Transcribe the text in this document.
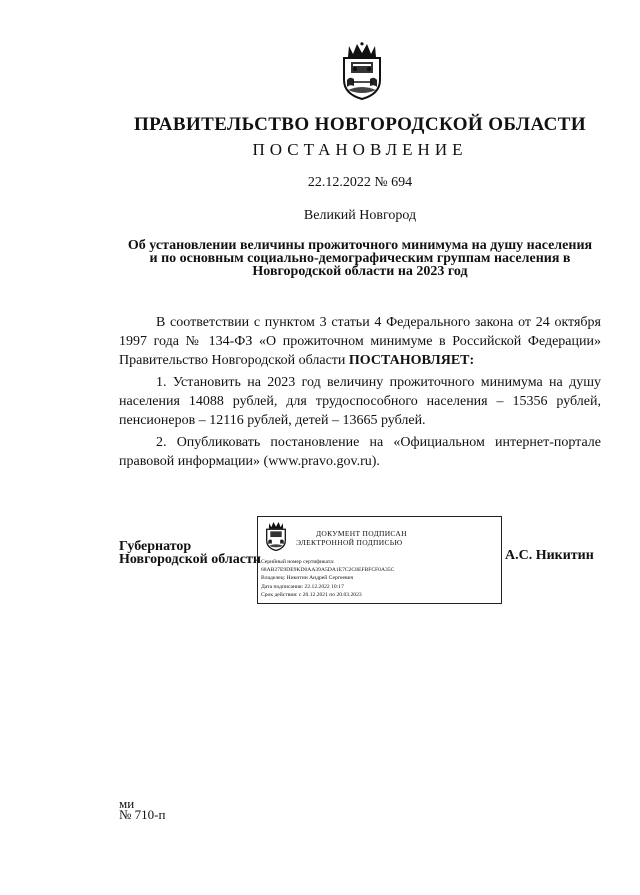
ПРАВИТЕЛЬСТВО НОВГОРОДСКОЙ ОБЛАСТИ
ПОСТАНОВЛЕНИЕ
22.12.2022 № 694
Великий Новгород
Об установлении величины прожиточного минимума на душу населения
и по основным социально-демографическим группам населения в
Новгородской области на 2023 год

В соответствии с пунктом 3 статьи 4 Федерального закона от 24 октября 1997 года № 134-ФЗ «О прожиточном минимуме в Российской Федерации» Правительство Новгородской области ПОСТАНОВЛЯЕТ:

1. Установить на 2023 год величину прожиточного минимума на душу населения 14088 рублей, для трудоспособного населения – 15356 рублей, пенсионеров – 12116 рублей, детей – 13665 рублей.

2. Опубликовать постановление на «Официальном интернет-портале правовой информации» (www.pravo.gov.ru).

Губернатор
Новгородской области
ДОКУМЕНТ ПОДПИСАН
ЭЛЕКТРОННОЙ ПОДПИСЬЮ
Серийный номер сертификата:
68AB27E9DE9KD0AA39A5DA1E7C2C8EFBFCF0A35C
Владелец: Никитин Андрей Сергеевич
Дата подписания: 22.12.2022 10:17
Срок действия: с 20.12.2021 по 20.03.2023
А.С. Никитин
ми
№ 710-п
